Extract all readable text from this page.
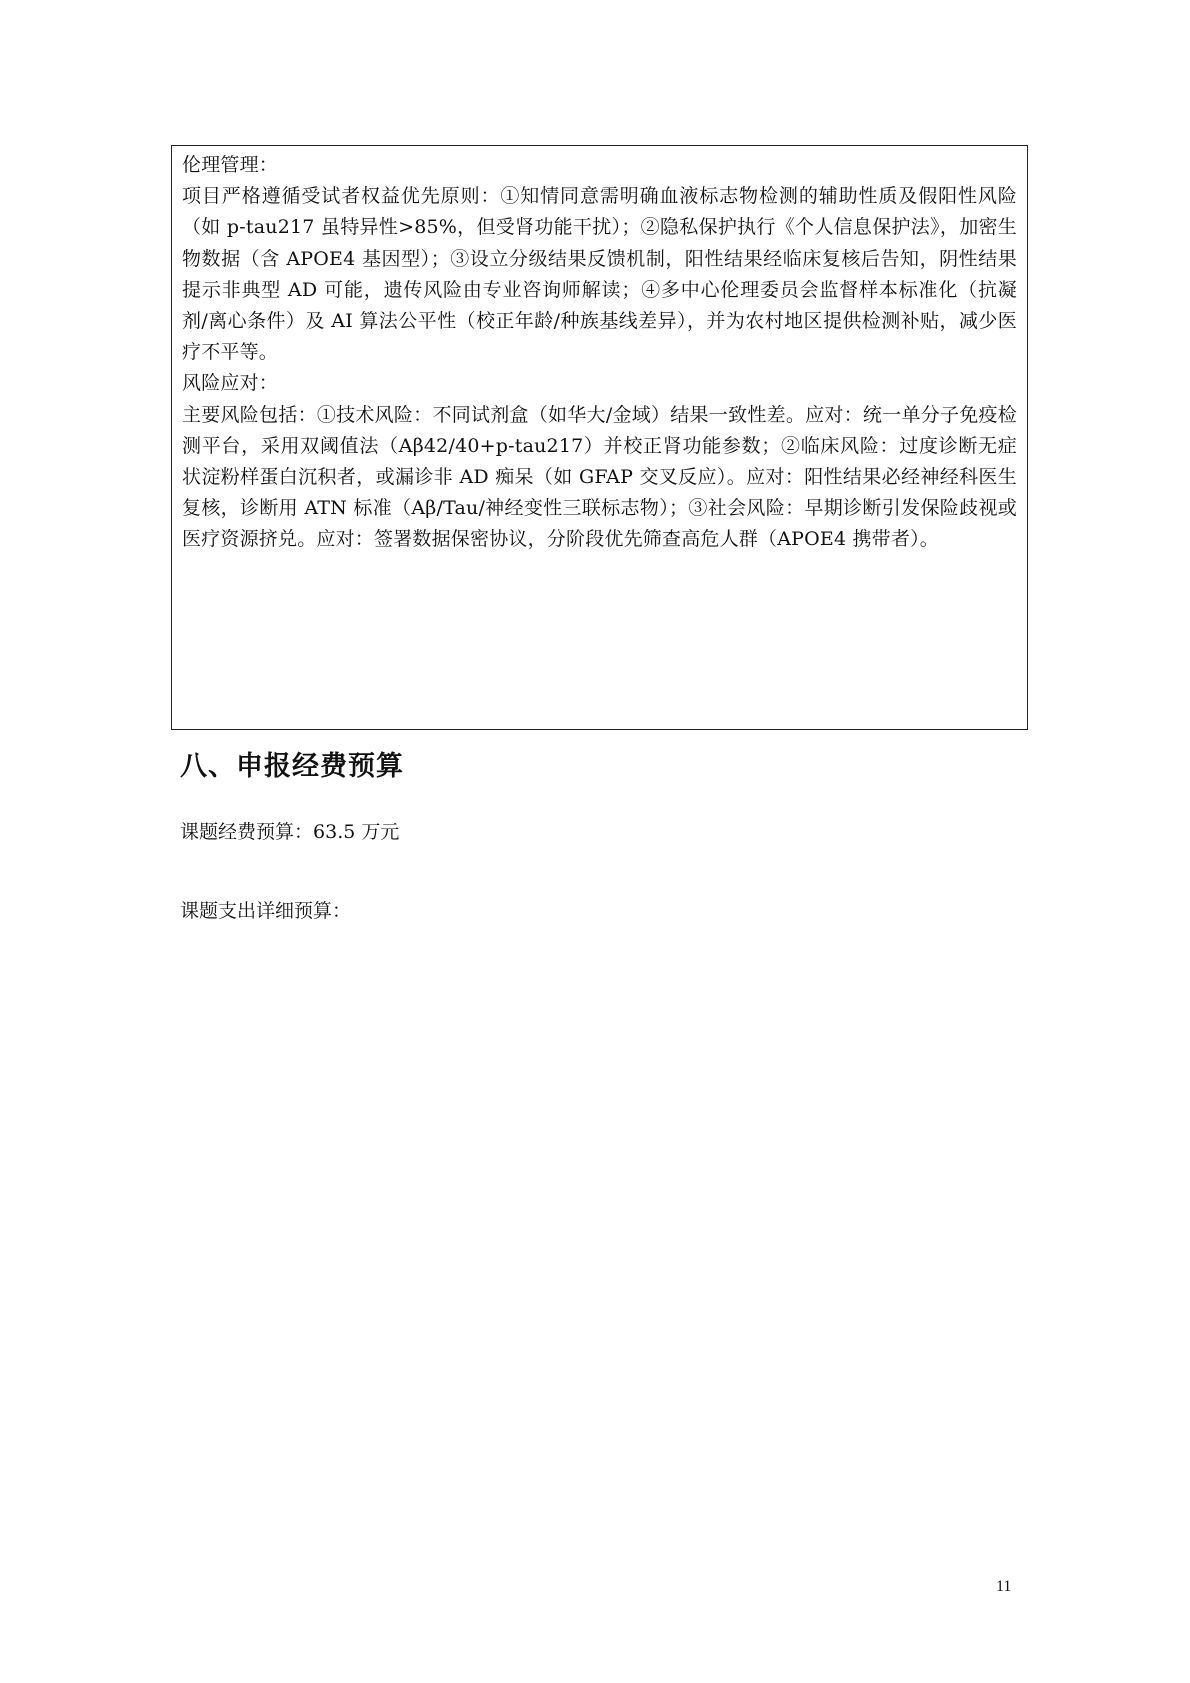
伦理管理：

项目严格遵循受试者权益优先原则：①知情同意需明确血液标志物检测的辅助性质及假阳性风险（如 p-tau217 虽特异性>85%，但受肾功能干扰）；②隐私保护执行《个人信息保护法》，加密生物数据（含 APOE4 基因型）；③设立分级结果反馈机制，阳性结果经临床复核后告知，阴性结果提示非典型 AD 可能，遗传风险由专业咨询师解读；④多中心伦理委员会监督样本标准化（抗凝剂/离心条件）及 AI 算法公平性（校正年龄/种族基线差异），并为农村地区提供检测补贴，减少医疗不平等。

风险应对：

主要风险包括：①技术风险：不同试剂盒（如华大/金域）结果一致性差。应对：统一单分子免疫检测平台，采用双阈值法（Aβ42/40+p-tau217）并校正肾功能参数；②临床风险：过度诊断无症状淀粉样蛋白沉积者，或漏诊非 AD 痴呆（如 GFAP 交叉反应）。应对：阳性结果必经神经科医生复核，诊断用 ATN 标准（Aβ/Tau/神经变性三联标志物）；③社会风险：早期诊断引发保险歧视或医疗资源挤兑。应对：签署数据保密协议，分阶段优先筛查高危人群（APOE4 携带者）。

八、申报经费预算

课题经费预算：63.5 万元

课题支出详细预算：

11
